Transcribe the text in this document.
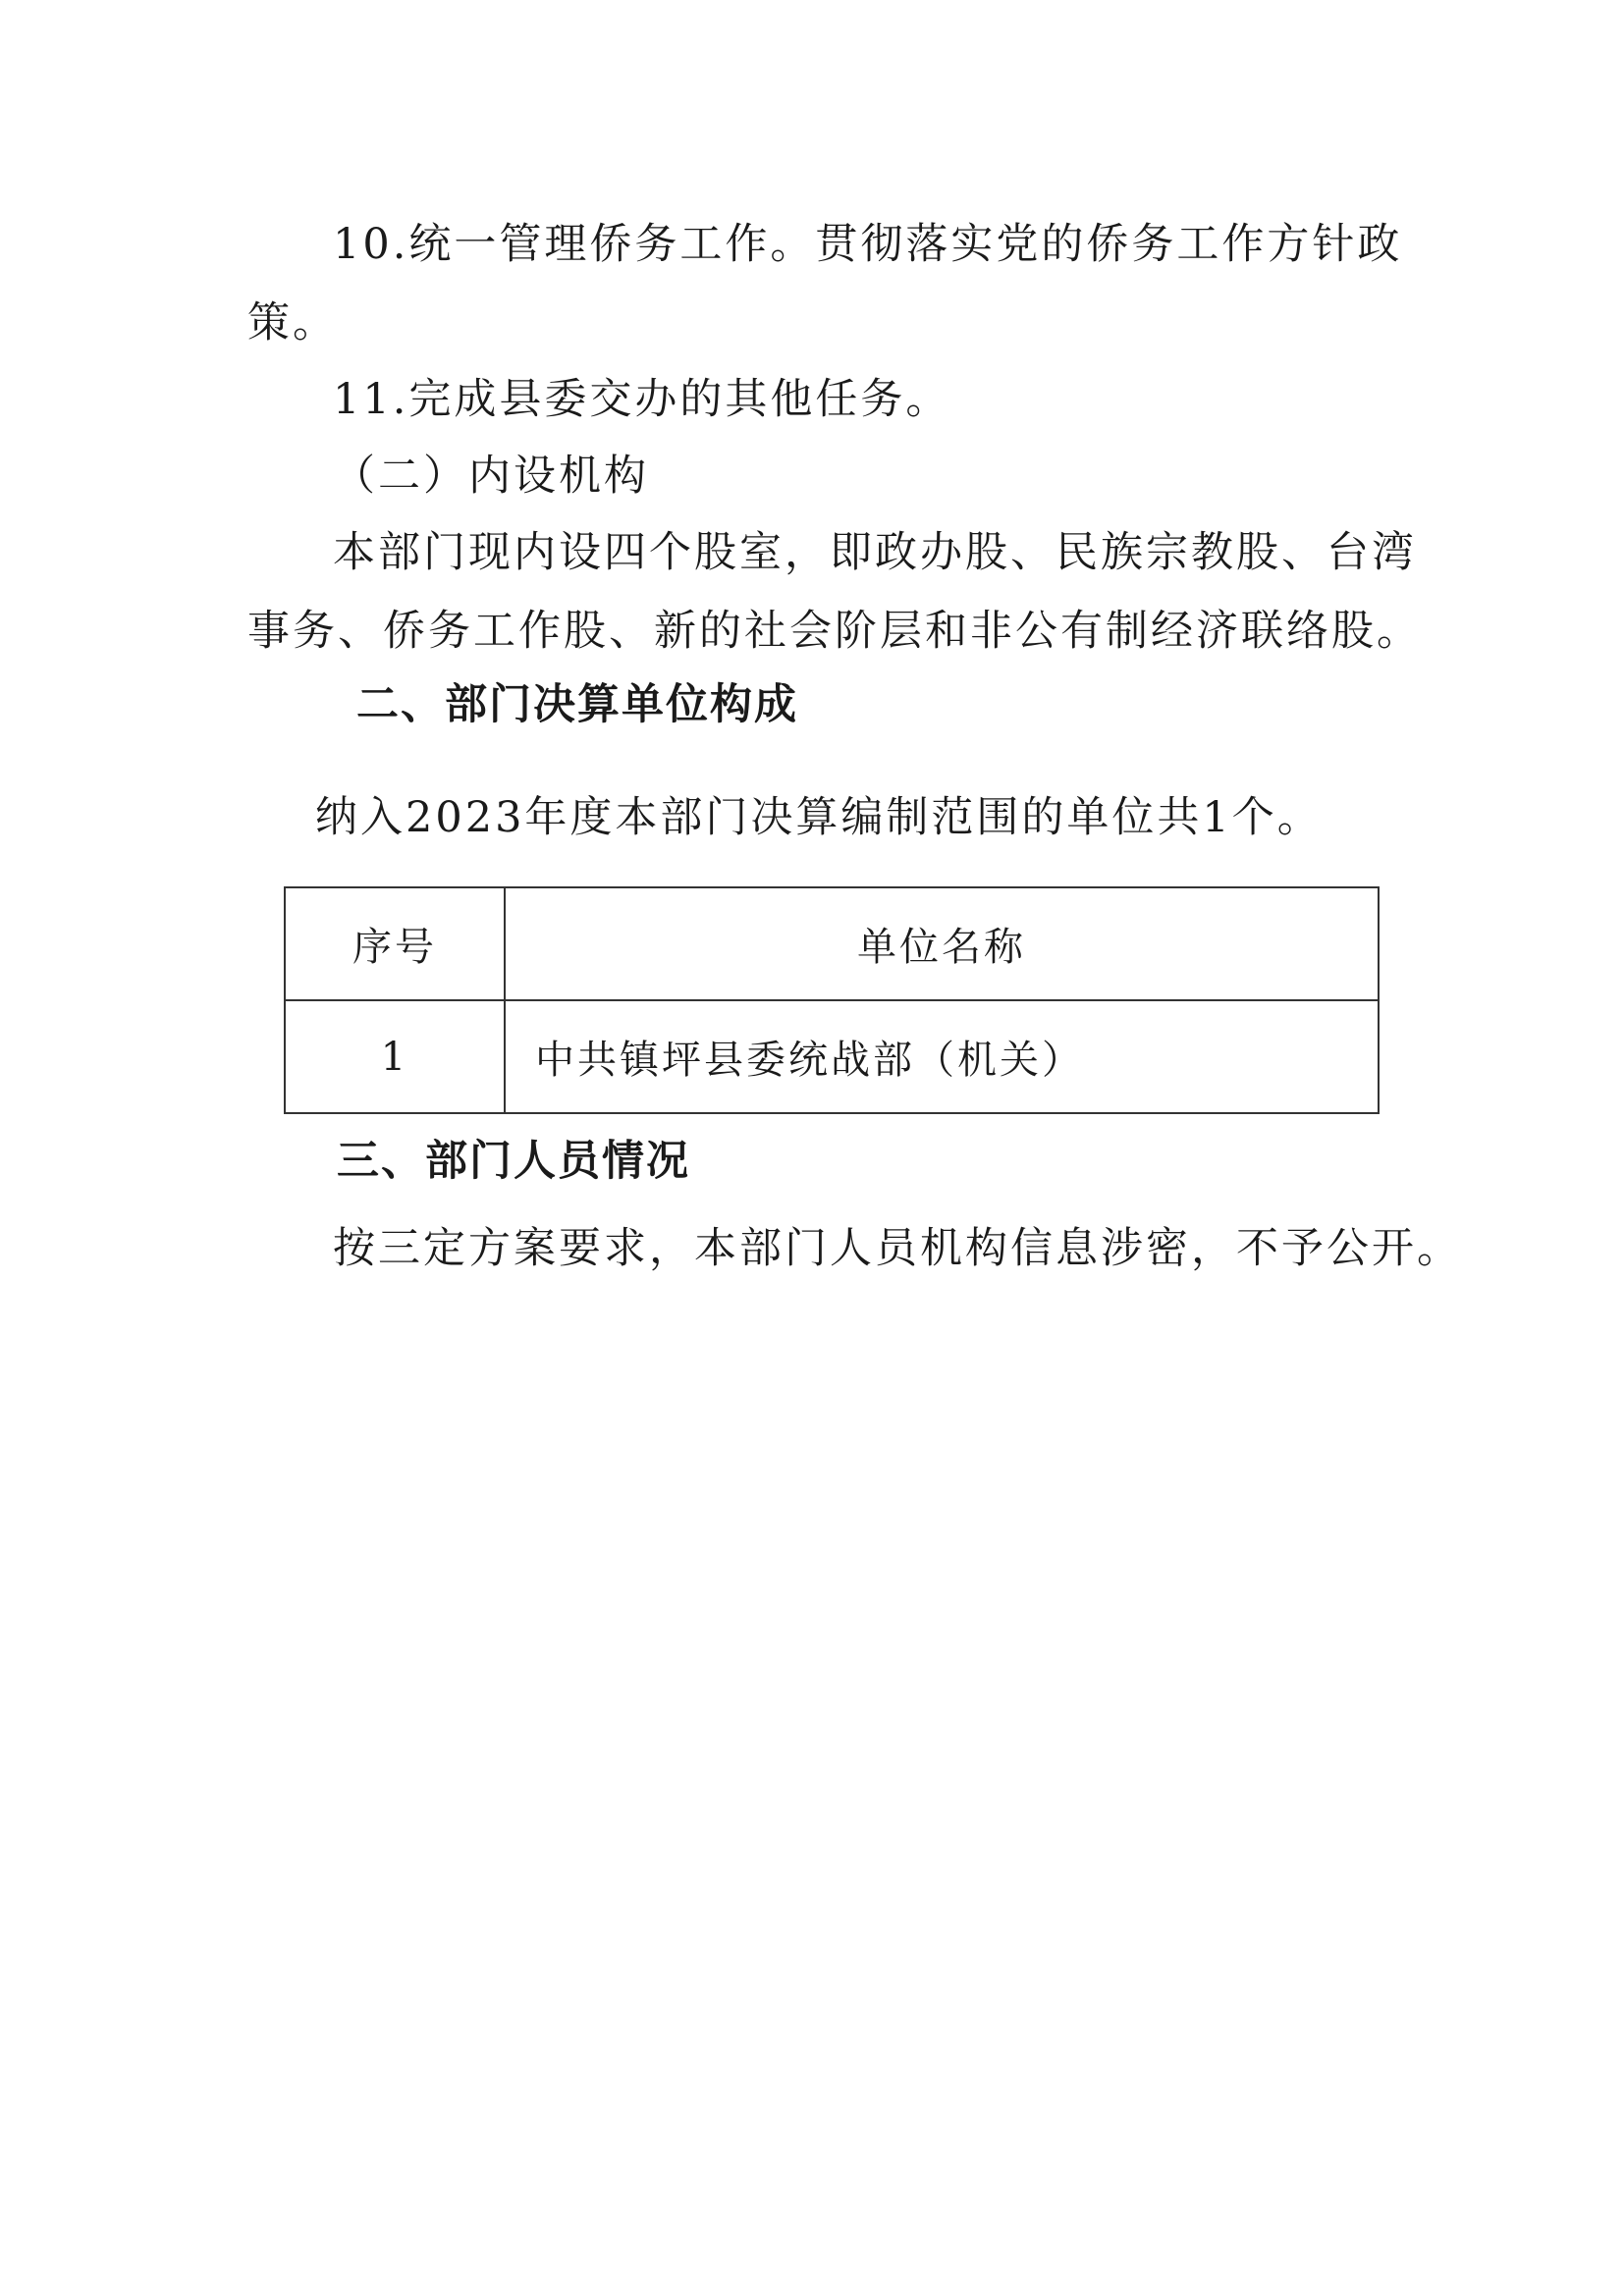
10.统一管理侨务工作。贯彻落实党的侨务工作方针政
策。
11.完成县委交办的其他任务。
（二）内设机构
本部门现内设四个股室，即政办股、民族宗教股、台湾
事务、侨务工作股、新的社会阶层和非公有制经济联络股。
二、部门决算单位构成
纳入2023年度本部门决算编制范围的单位共1个。
序号	单位名称
1	中共镇坪县委统战部（机关）
三、部门人员情况
按三定方案要求，本部门人员机构信息涉密，不予公开。
